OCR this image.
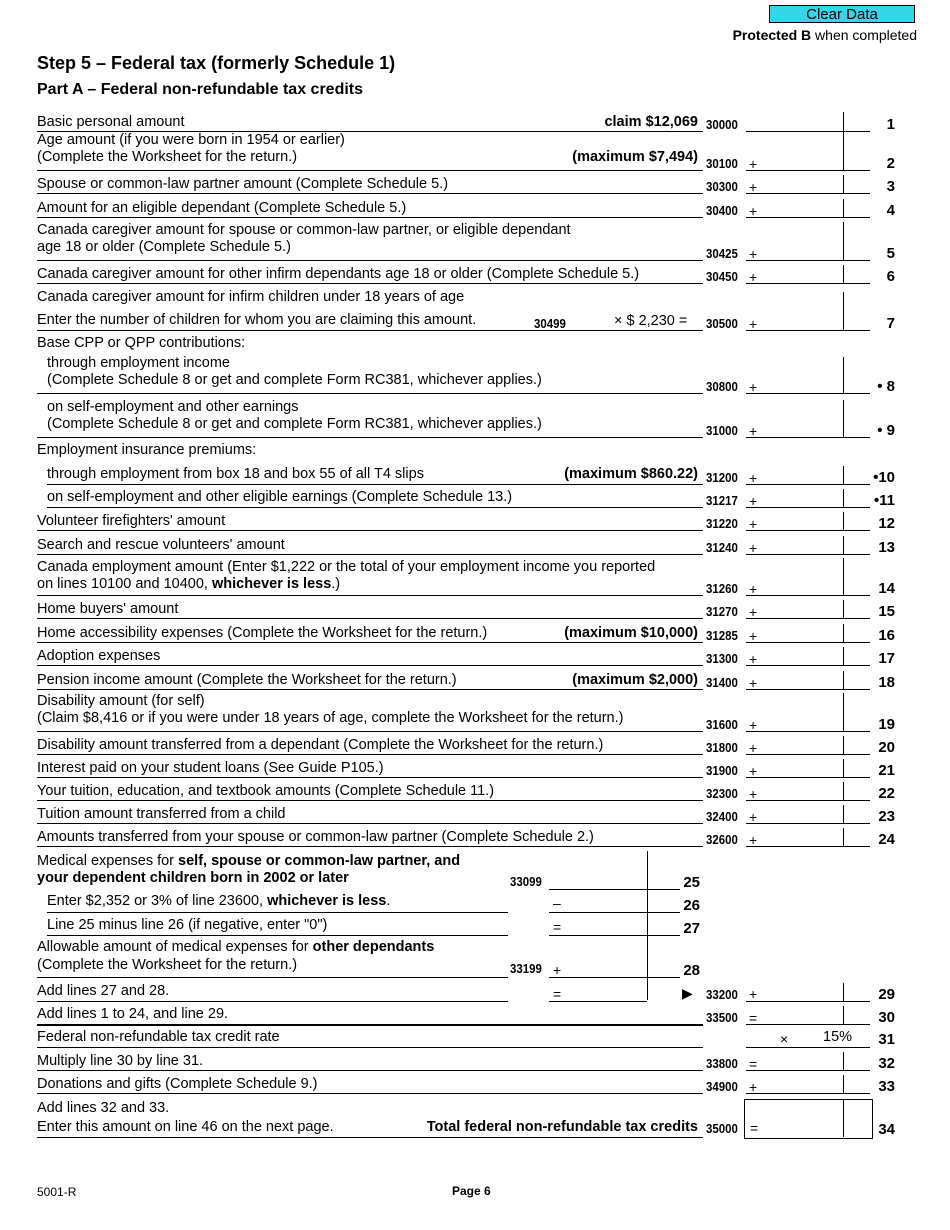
Clear Data
Protected B when completed
Step 5 – Federal tax (formerly Schedule 1)
Part A – Federal non-refundable tax credits
Basic personal amount	claim $12,069 30000	1
Age amount (if you were born in 1954 or earlier)
(Complete the Worksheet for the return.)	(maximum $7,494) 30100 +	2
Spouse or common-law partner amount (Complete Schedule 5.)	30300 +	3
Amount for an eligible dependant (Complete Schedule 5.)	30400 +	4
Canada caregiver amount for spouse or common-law partner, or eligible dependant
age 18 or older (Complete Schedule 5.)	30425 +	5
Canada caregiver amount for other infirm dependants age 18 or older (Complete Schedule 5.)	30450 +	6
Canada caregiver amount for infirm children under 18 years of age
Enter the number of children for whom you are claiming this amount.	30499	× $ 2,230 = 30500 +	7
Base CPP or QPP contributions:
through employment income
(Complete Schedule 8 or get and complete Form RC381, whichever applies.)	30800 +	• 8
on self-employment and other earnings
(Complete Schedule 8 or get and complete Form RC381, whichever applies.)	31000 +	• 9
Employment insurance premiums:
through employment from box 18 and box 55 of all T4 slips	(maximum $860.22) 31200 +	•10
on self-employment and other eligible earnings (Complete Schedule 13.)	31217 +	•11
Volunteer firefighters' amount	31220 +	12
Search and rescue volunteers' amount	31240 +	13
Canada employment amount (Enter $1,222 or the total of your employment income you reported
on lines 10100 and 10400, whichever is less.)	31260 +	14
Home buyers' amount	31270 +	15
Home accessibility expenses (Complete the Worksheet for the return.)	(maximum $10,000) 31285 +	16
Adoption expenses	31300 +	17
Pension income amount (Complete the Worksheet for the return.)	(maximum $2,000) 31400 +	18
Disability amount (for self)
(Claim $8,416 or if you were under 18 years of age, complete the Worksheet for the return.)	31600 +	19
Disability amount transferred from a dependant (Complete the Worksheet for the return.)	31800 +	20
Interest paid on your student loans (See Guide P105.)	31900 +	21
Your tuition, education, and textbook amounts (Complete Schedule 11.)	32300 +	22
Tuition amount transferred from a child	32400 +	23
Amounts transferred from your spouse or common-law partner (Complete Schedule 2.)	32600 +	24
Medical expenses for self, spouse or common-law partner, and
your dependent children born in 2002 or later	33099	25
Enter $2,352 or 3% of line 23600, whichever is less.	–	26
Line 25 minus line 26 (if negative, enter "0")	=	27
Allowable amount of medical expenses for other dependants
(Complete the Worksheet for the return.)	33199 +	28
Add lines 27 and 28.	=	▶ 33200 +	29
Add lines 1 to 24, and line 29.	33500 =	30
Federal non-refundable tax credit rate	× 15%	31
Multiply line 30 by line 31.	33800 =	32
Donations and gifts (Complete Schedule 9.)	34900 +	33
Add lines 32 and 33.
Enter this amount on line 46 on the next page.	Total federal non-refundable tax credits 35000 =	34
5001-R	Page 6
